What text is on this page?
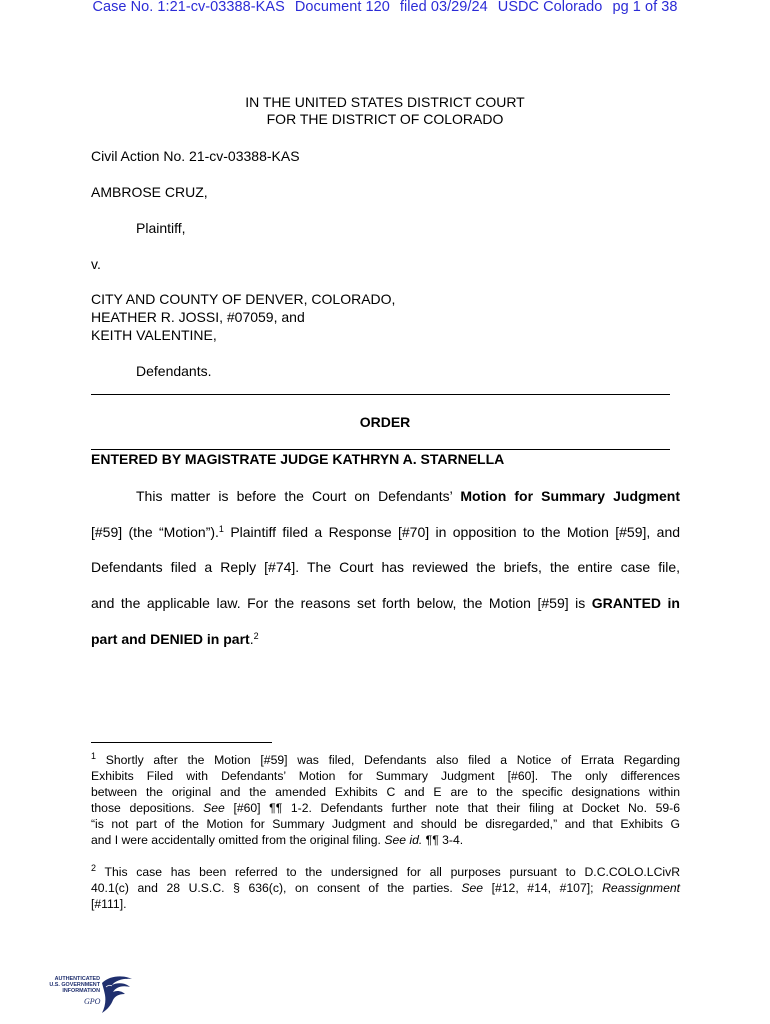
Case No. 1:21-cv-03388-KAS Document 120 filed 03/29/24 USDC Colorado pg 1 of 38
IN THE UNITED STATES DISTRICT COURT
FOR THE DISTRICT OF COLORADO
Civil Action No. 21-cv-03388-KAS
AMBROSE CRUZ,
Plaintiff,
v.
CITY AND COUNTY OF DENVER, COLORADO,
HEATHER R. JOSSI, #07059, and
KEITH VALENTINE,
Defendants.
ORDER
ENTERED BY MAGISTRATE JUDGE KATHRYN A. STARNELLA
This matter is before the Court on Defendants’ Motion for Summary Judgment
[#59] (the “Motion”).$^1$ Plaintiff filed a Response [#70] in opposition to the Motion [#59], and
Defendants filed a Reply [#74]. The Court has reviewed the briefs, the entire case file,
and the applicable law. For the reasons set forth below, the Motion [#59] is GRANTED in
part and DENIED in part.$^2$
$^1$ Shortly after the Motion [#59] was filed, Defendants also filed a Notice of Errata Regarding
Exhibits Filed with Defendants’ Motion for Summary Judgment [#60]. The only differences
between the original and the amended Exhibits C and E are to the specific designations within
those depositions. See [#60] ¶¶ 1-2. Defendants further note that their filing at Docket No. 59-6
“is not part of the Motion for Summary Judgment and should be disregarded,” and that Exhibits G
and I were accidentally omitted from the original filing. See id. ¶¶ 3-4.
$^2$ This case has been referred to the undersigned for all purposes pursuant to D.C.COLO.LCivR
40.1(c) and 28 U.S.C. § 636(c), on consent of the parties. See [#12, #14, #107]; Reassignment
[#111].
AUTHENTICATED
U.S. GOVERNMENT
INFORMATION
GPO
